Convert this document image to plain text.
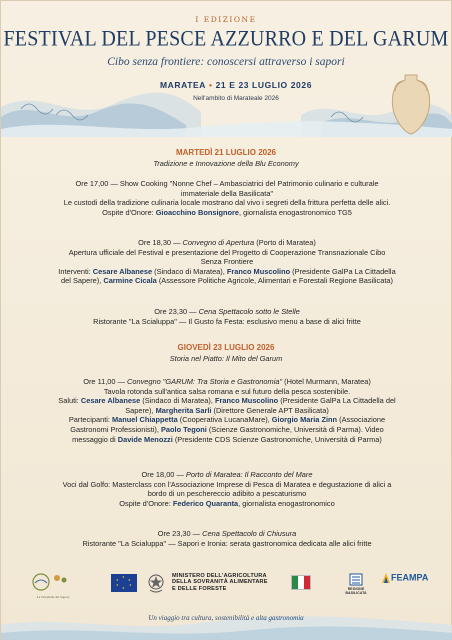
I EDIZIONE
FESTIVAL DEL PESCE AZZURRO E DEL GARUM
Cibo senza frontiere: conoscersi attraverso i sapori
MARATEA • 21 E 23 LUGLIO 2026
Nell'ambito di Marateale 2026
MARTEDÌ 21 LUGLIO 2026
Tradizione e Innovazione della Blu Economy
Ore 17,00 — Show Cooking "Nonne Chef – Ambasciatrici del Patrimonio culinario e culturale
immateriale della Basilicata"
Le custodi della tradizione culinaria locale mostrano dal vivo i segreti della frittura perfetta delle alici.
Ospite d'Onore: Gioacchino Bonsignore, giornalista enogastronomico TG5
Ore 18,30 — Convegno di Apertura (Porto di Maratea)
Apertura ufficiale del Festival e presentazione del Progetto di Cooperazione Transnazionale Cibo
Senza Frontiere
Interventi: Cesare Albanese (Sindaco di Maratea), Franco Muscolino (Presidente GalPa La Cittadella
del Sapere), Carmine Cicala (Assessore Politiche Agricole, Alimentari e Forestali Regione Basilicata)
Ore 23,30 — Cena Spettacolo sotto le Stelle
Ristorante "La Scialuppa" — Il Gusto fa Festa: esclusivo menu a base di alici fritte
GIOVEDÌ 23 LUGLIO 2026
Storia nel Piatto: Il Mito del Garum
Ore 11,00 — Convegno "GARUM: Tra Storia e Gastronomia" (Hotel Murmann, Maratea)
Tavola rotonda sull'antica salsa romana e sul futuro della pesca sostenibile.
Saluti: Cesare Albanese (Sindaco di Maratea), Franco Muscolino (Presidente GalPa La Cittadella del
Sapere), Margherita Sarli (Direttore Generale APT Basilicata)
Partecipanti: Manuel Chiappetta (Cooperativa LucanaMare), Giorgio Maria Zinn (Associazione
Gastronomi Professionisti), Paolo Tegoni (Scienze Gastronomiche, Università di Parma). Video
messaggio di Davide Menozzi (Presidente CDS Scienze Gastronomiche, Università di Parma)
Ore 18,00 — Porto di Maratea: Il Racconto del Mare
Voci dal Golfo: Masterclass con l'Associazione Imprese di Pesca di Maratea e degustazione di alici a
bordo di un peschereccio adibito a pescaturismo
Ospite d'Onore: Federico Quaranta, giornalista enogastronomico
Ore 23,30 — Cena Spettacolo di Chiusura
Ristorante "La Scialuppa" — Sapori e Ironia: serata gastronomica dedicata alle alici fritte
La Cittadella del Sapere
★
★
★
★
★
★
MINISTERO DELL'AGRICOLTURA
DELLA SOVRANITÀ ALIMENTARE
E DELLE FORESTE	REGIONE BASILICATA
FEAMPA
Un viaggio tra cultura, sostenibilità e alta gastronomia
